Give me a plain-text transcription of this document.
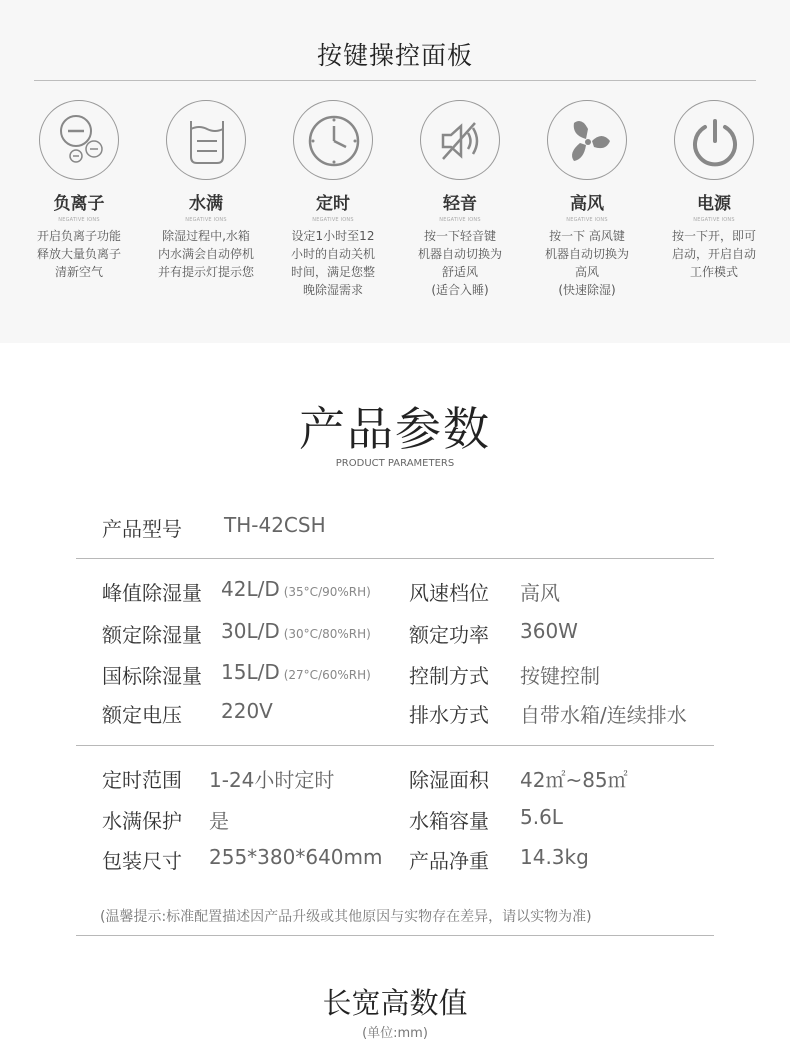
按键操控面板
负离子
NEGATIVE IONS
开启负离子功能
释放大量负离子
清新空气
水满
NEGATIVE IONS
除湿过程中,水箱
内水满会自动停机
并有提示灯提示您
定时
NEGATIVE IONS
设定1小时至12
小时的自动关机
时间，满足您整
晚除湿需求
轻音
NEGATIVE IONS
按一下轻音键
机器自动切换为
舒适风
(适合入睡)
高风
NEGATIVE IONS
按一下 高风键
机器自动切换为
高风
(快速除湿)
电源
NEGATIVE IONS
按一下开，即可
启动，开启自动
工作模式
产品参数
PRODUCT PARAMETERS
产品型号 TH-42CSH
峰值除湿量 42L/D (35°C/90%RH)
额定除湿量 30L/D (30°C/80%RH)
国标除湿量 15L/D (27°C/60%RH)
额定电压 220V
风速档位 高风
额定功率 360W
控制方式 按键控制
排水方式 自带水箱/连续排水
定时范围 1-24小时定时
水满保护 是
包装尺寸 255*380*640mm
除湿面积 42㎡~85㎡
水箱容量 5.6L
产品净重 14.3kg
(温馨提示:标准配置描述因产品升级或其他原因与实物存在差异，请以实物为准)
长宽高数值
(单位:mm)
